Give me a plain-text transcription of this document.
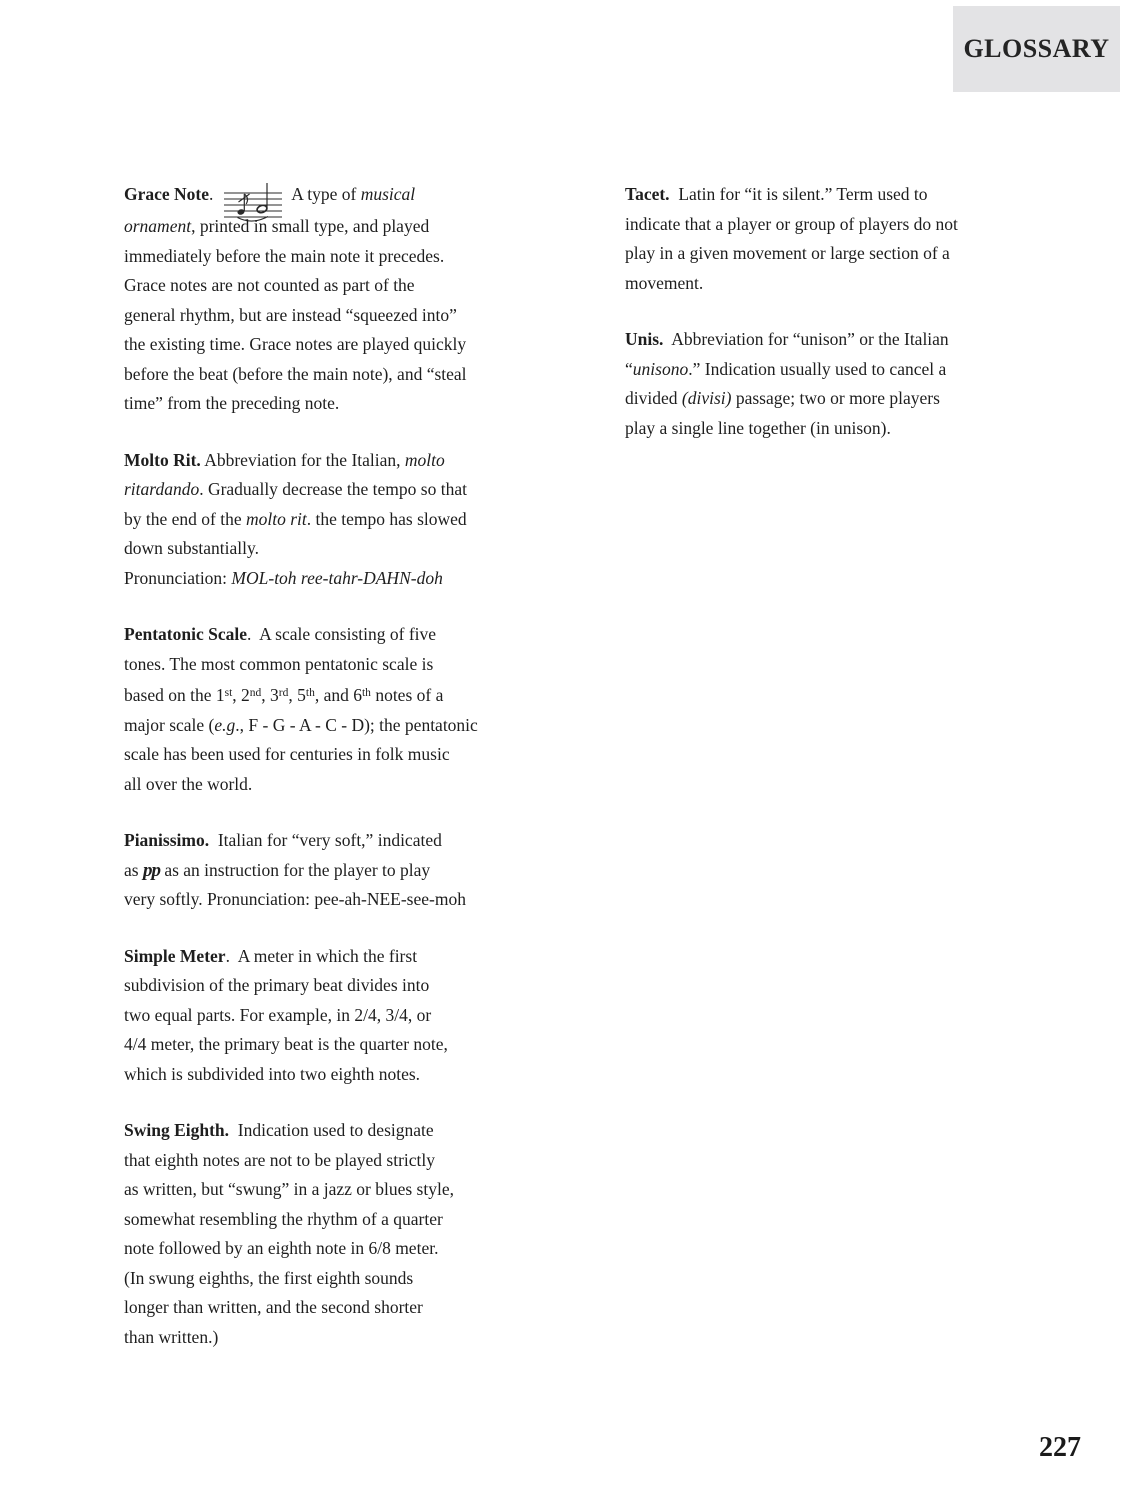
GLOSSARY
Grace Note.	A type of musical
ornament, printed in small type, and played
immediately before the main note it precedes.
Grace notes are not counted as part of the
general rhythm, but are instead “squeezed into”
the existing time. Grace notes are played quickly
before the beat (before the main note), and “steal
time” from the preceding note.
Molto Rit. Abbreviation for the Italian, molto
ritardando. Gradually decrease the tempo so that
by the end of the molto rit. the tempo has slowed
down substantially.
Pronunciation: MOL-toh ree-tahr-DAHN-doh
Pentatonic Scale.  A scale consisting of five
tones. The most common pentatonic scale is
based on the 1st, 2nd, 3rd, 5th, and 6th notes of a
major scale (e.g., F - G - A - C - D); the pentatonic
scale has been used for centuries in folk music
all over the world.
Pianissimo.  Italian for “very soft,” indicated
as pp as an instruction for the player to play
very softly. Pronunciation: pee-ah-NEE-see-moh
Simple Meter.  A meter in which the first
subdivision of the primary beat divides into
two equal parts. For example, in 2/4, 3/4, or
4/4 meter, the primary beat is the quarter note,
which is subdivided into two eighth notes.
Swing Eighth.  Indication used to designate
that eighth notes are not to be played strictly
as written, but “swung” in a jazz or blues style,
somewhat resembling the rhythm of a quarter
note followed by an eighth note in 6/8 meter.
(In swung eighths, the first eighth sounds
longer than written, and the second shorter
than written.)
Tacet.  Latin for “it is silent.” Term used to
indicate that a player or group of players do not
play in a given movement or large section of a
movement.
Unis.  Abbreviation for “unison” or the Italian
“unisono.” Indication usually used to cancel a
divided (divisi) passage; two or more players
play a single line together (in unison).
227
